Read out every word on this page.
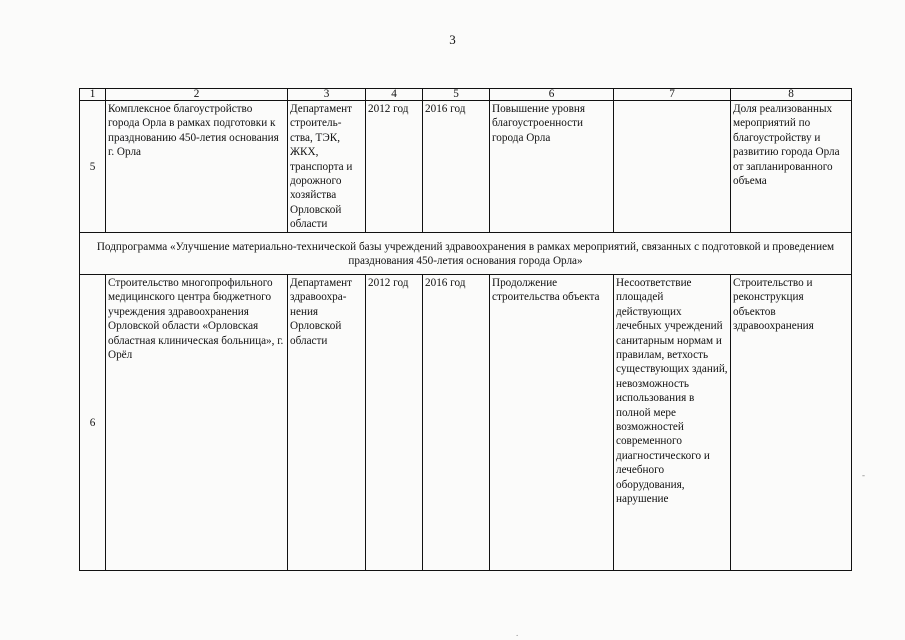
3
1	2	3	4	5	6	7	8
5	Комплексное благоустройство города Орла в рамках подготовки к празднованию 450-летия основания г. Орла	Департамент строитель-ства, ТЭК, ЖКХ, транспорта и дорожного хозяйства Орловской области	2012 год	2016 год	Повышение уровня благоустроенности города Орла		Доля реализованных мероприятий по благоустройству и развитию города Орла от запланированного объема
Подпрограмма «Улучшение материально-технической базы учреждений здравоохранения в рамках мероприятий, связанных с подготовкой и проведением празднования 450-летия основания города Орла»							
6	Строительство многопрофильного медицинского центра бюджетного учреждения здравоохранения Орловской области «Орловская областная клиническая больница», г. Орёл	Департамент здравоохра-нения Орловской области	2012 год	2016 год	Продолжение строительства объекта	Несоответствие площадей действующих лечебных учреждений санитарным нормам и правилам, ветхость существующих зданий, невозможность использования в полной мере возможностей современного диагностического и лечебного оборудования, нарушение	Строительство и реконструкция объектов здравоохранения
-
.
